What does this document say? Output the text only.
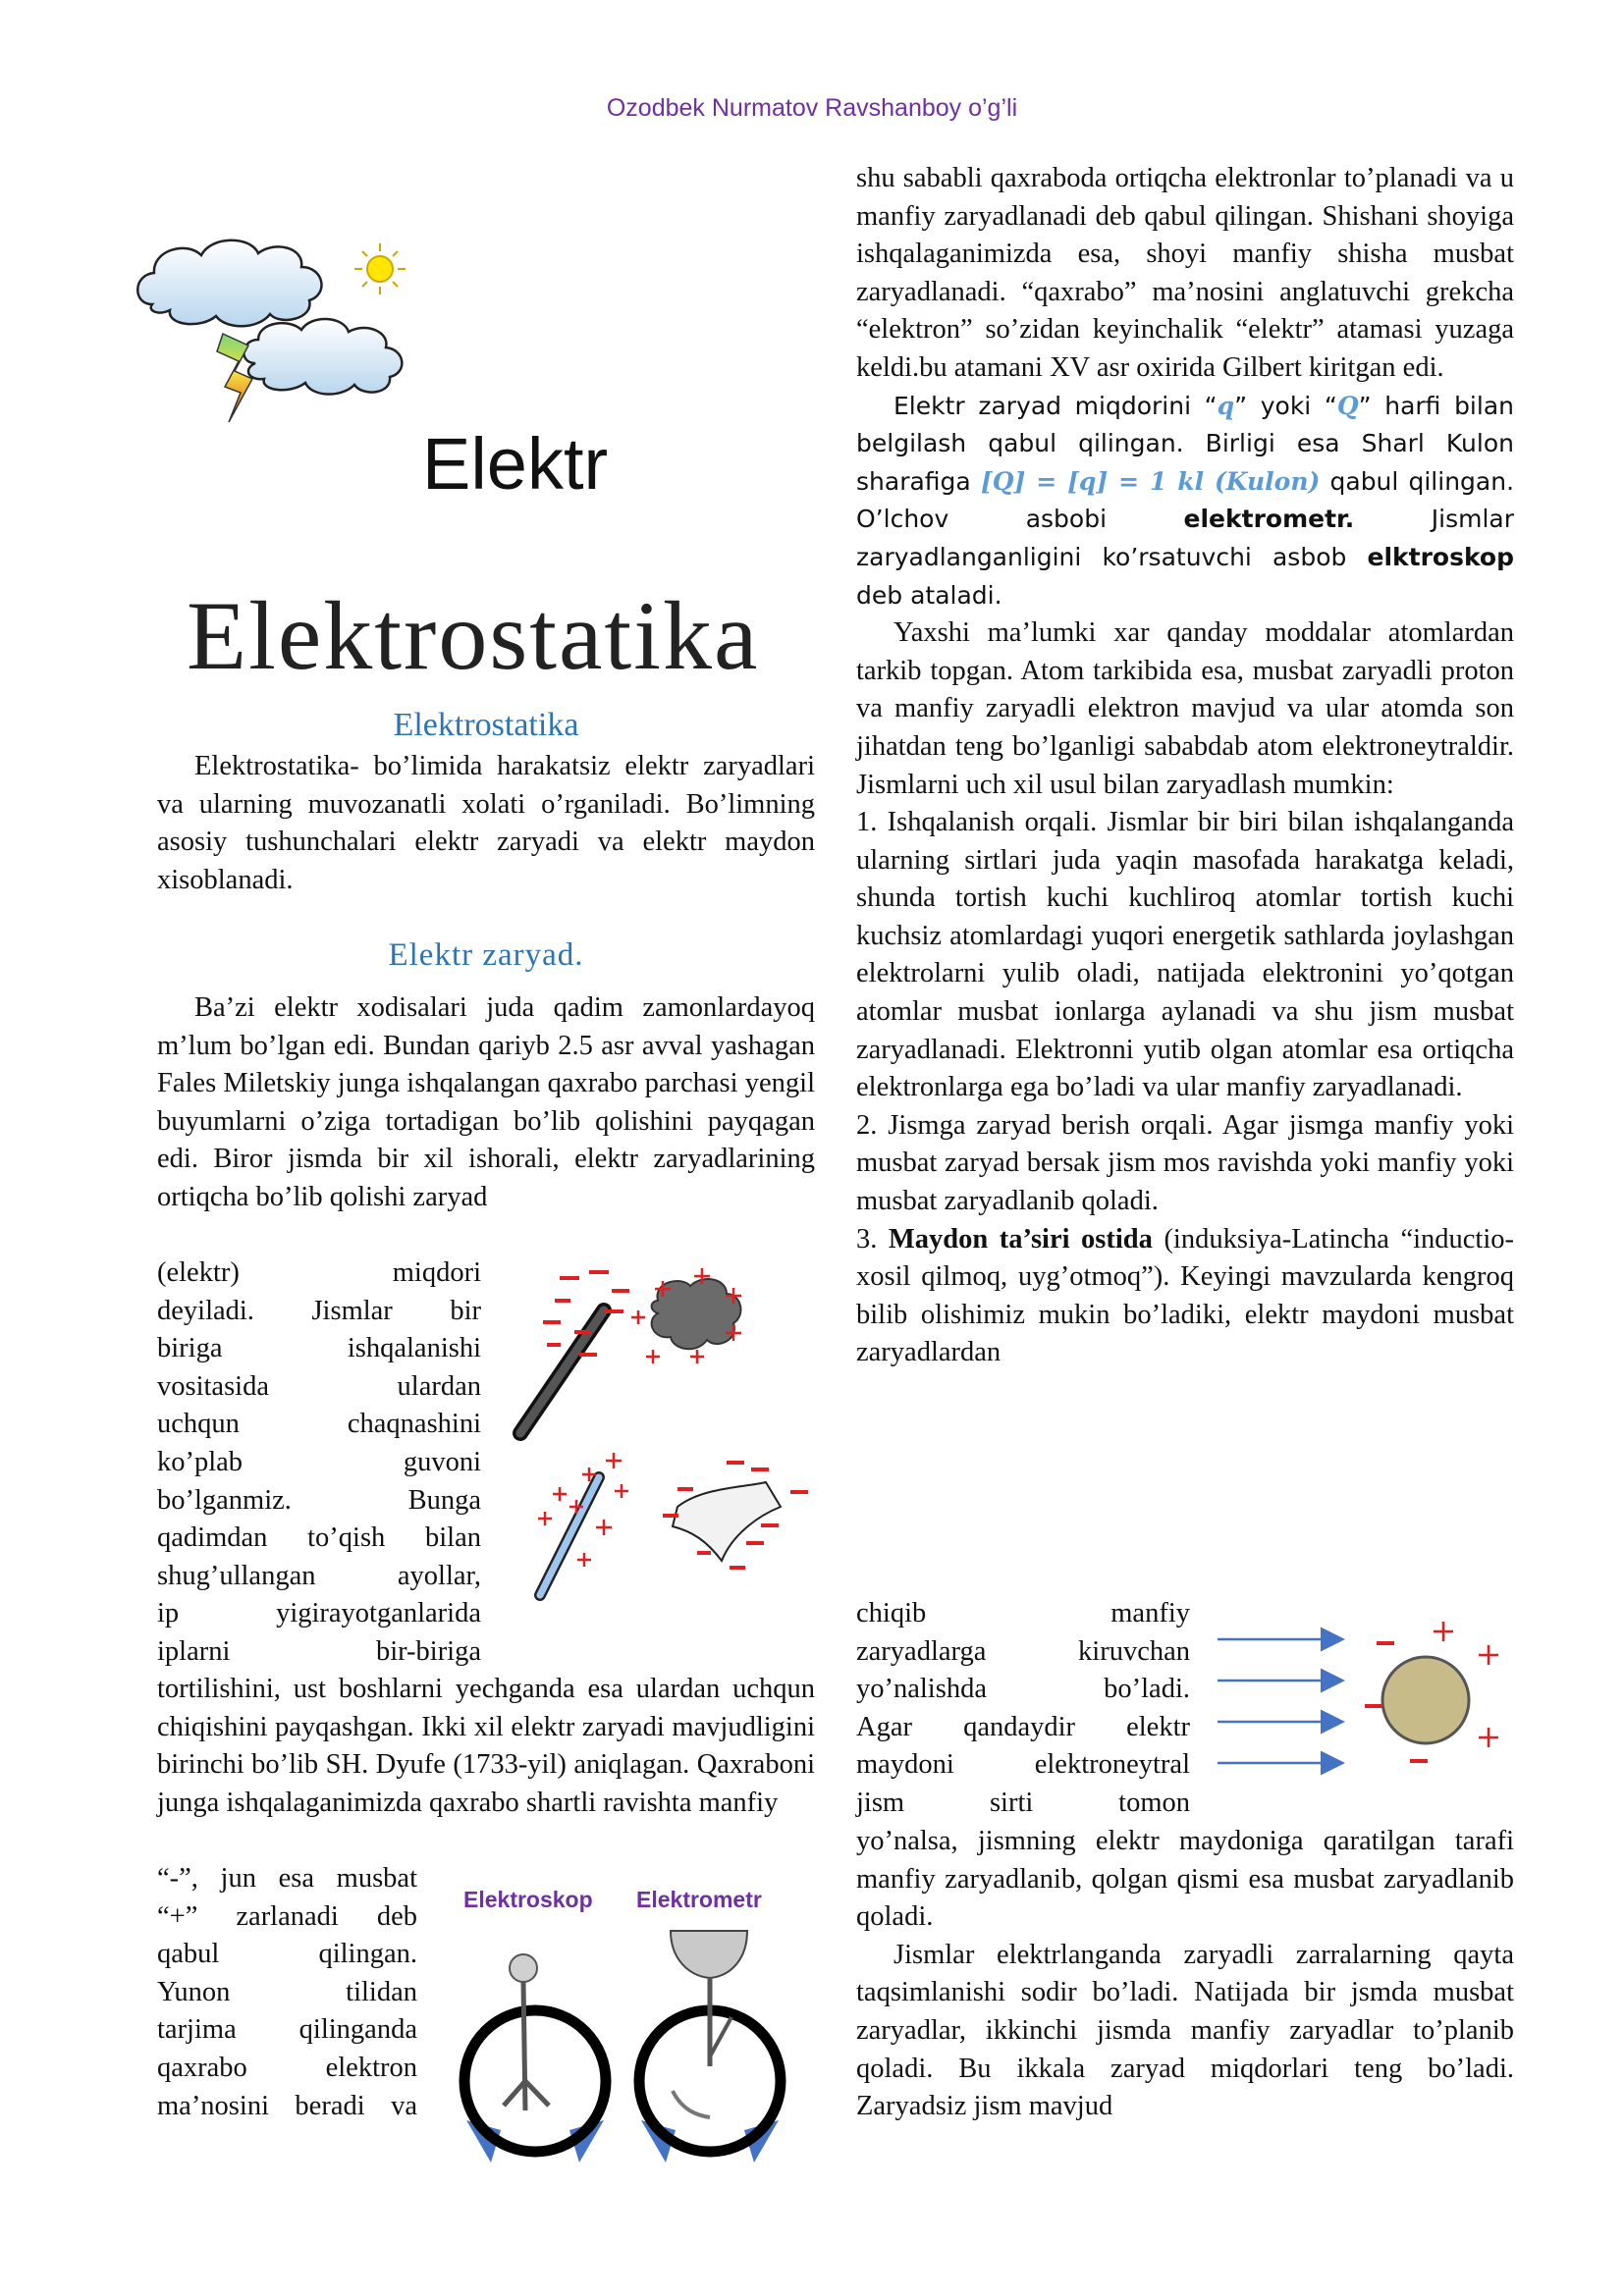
Ozodbek Nurmatov Ravshanboy o’g’li
Elektr
Elektrostatika
Elektrostatika

Elektrostatika- bo’limida harakatsiz elektr zaryadlari va ularning muvozanatli xolati o’rganiladi. Bo’limning asosiy tushunchalari elektr zaryadi va elektr maydon xisoblanadi.

Elektr zaryad.

Ba’zi elektr xodisalari juda qadim zamonlardayoq m’lum bo’lgan edi. Bundan qariyb 2.5 asr avval yashagan Fales Miletskiy junga ishqalangan qaxrabo parchasi yengil buyumlarni o’ziga tortadigan bo’lib qolishini payqagan edi. Biror jismda bir xil ishorali, elektr zaryadlarining ortiqcha bo’lib qolishi zaryad

(elektr) miqdori

deyiladi. Jismlar bir

biriga ishqalanishi

vositasida ulardan

uchqun chaqnashini

ko’plab guvoni

bo’lganmiz. Bunga

qadimdan to’qish bilan

shug’ullangan ayollar,

ip yigirayotganlarida

iplarni bir-biriga

tortilishini, ust boshlarni yechganda esa ulardan uchqun chiqishini payqashgan. Ikki xil elektr zaryadi mavjudligini birinchi bo’lib SH. Dyufe (1733-yil) aniqlagan. Qaxraboni junga ishqalaganimizda qaxrabo shartli ravishta manfiy

“-”, jun esa musbat

“+” zarlanadi deb

qabul qilingan.

Yunon tilidan

tarjima qilinganda

qaxrabo elektron

ma’nosini beradi va

Elektroskop Elektrometr

shu sababli qaxraboda ortiqcha elektronlar to’planadi va u manfiy zaryadlanadi deb qabul qilingan. Shishani shoyiga ishqalaganimizda esa, shoyi manfiy shisha musbat zaryadlanadi. “qaxrabo” ma’nosini anglatuvchi grekcha “elektron” so’zidan keyinchalik “elektr” atamasi yuzaga keldi.bu atamani XV asr oxirida Gilbert kiritgan edi.

Elektr zaryad miqdorini “q” yoki “Q” harfi bilan belgilash qabul qilingan. Birligi esa Sharl Kulon sharafiga [Q] = [q] = 1 kl (Kulon) qabul qilingan. O’lchov asbobi	elektrometr.	Jismlar zaryadlanganligini ko’rsatuvchi asbob elktroskop deb ataladi.

Yaxshi ma’lumki xar qanday moddalar atomlardan tarkib topgan. Atom tarkibida esa, musbat zaryadli proton va manfiy zaryadli elektron mavjud va ular atomda son jihatdan teng bo’lganligi sababdab atom elektroneytraldir. Jismlarni uch xil usul bilan zaryadlash mumkin:

1. Ishqalanish orqali. Jismlar bir biri bilan ishqalanganda ularning sirtlari juda yaqin masofada harakatga keladi, shunda tortish kuchi kuchliroq atomlar tortish kuchi kuchsiz atomlardagi yuqori energetik sathlarda joylashgan elektrolarni yulib oladi, natijada elektronini yo’qotgan atomlar musbat ionlarga aylanadi va shu jism musbat zaryadlanadi. Elektronni yutib olgan atomlar esa ortiqcha elektronlarga ega bo’ladi va ular manfiy zaryadlanadi.

2. Jismga zaryad berish orqali. Agar jismga manfiy yoki musbat zaryad bersak jism mos ravishda yoki manfiy yoki musbat zaryadlanib qoladi.

3. Maydon ta’siri ostida (induksiya-Latincha “inductio-xosil qilmoq, uyg’otmoq”). Keyingi mavzularda kengroq bilib olishimiz mukin bo’ladiki, elektr maydoni musbat zaryadlardan

chiqib manfiy

zaryadlarga kiruvchan

yo’nalishda bo’ladi.

Agar qandaydir elektr

maydoni elektroneytral

jism sirti tomon

yo’nalsa, jismning elektr maydoniga qaratilgan tarafi manfiy zaryadlanib, qolgan qismi esa musbat zaryadlanib qoladi.

Jismlar elektrlanganda zaryadli zarralarning qayta taqsimlanishi sodir bo’ladi. Natijada bir jsmda musbat zaryadlar, ikkinchi jismda manfiy zaryadlar to’planib qoladi. Bu ikkala zaryad miqdorlari teng bo’ladi. Zaryadsiz jism mavjud
